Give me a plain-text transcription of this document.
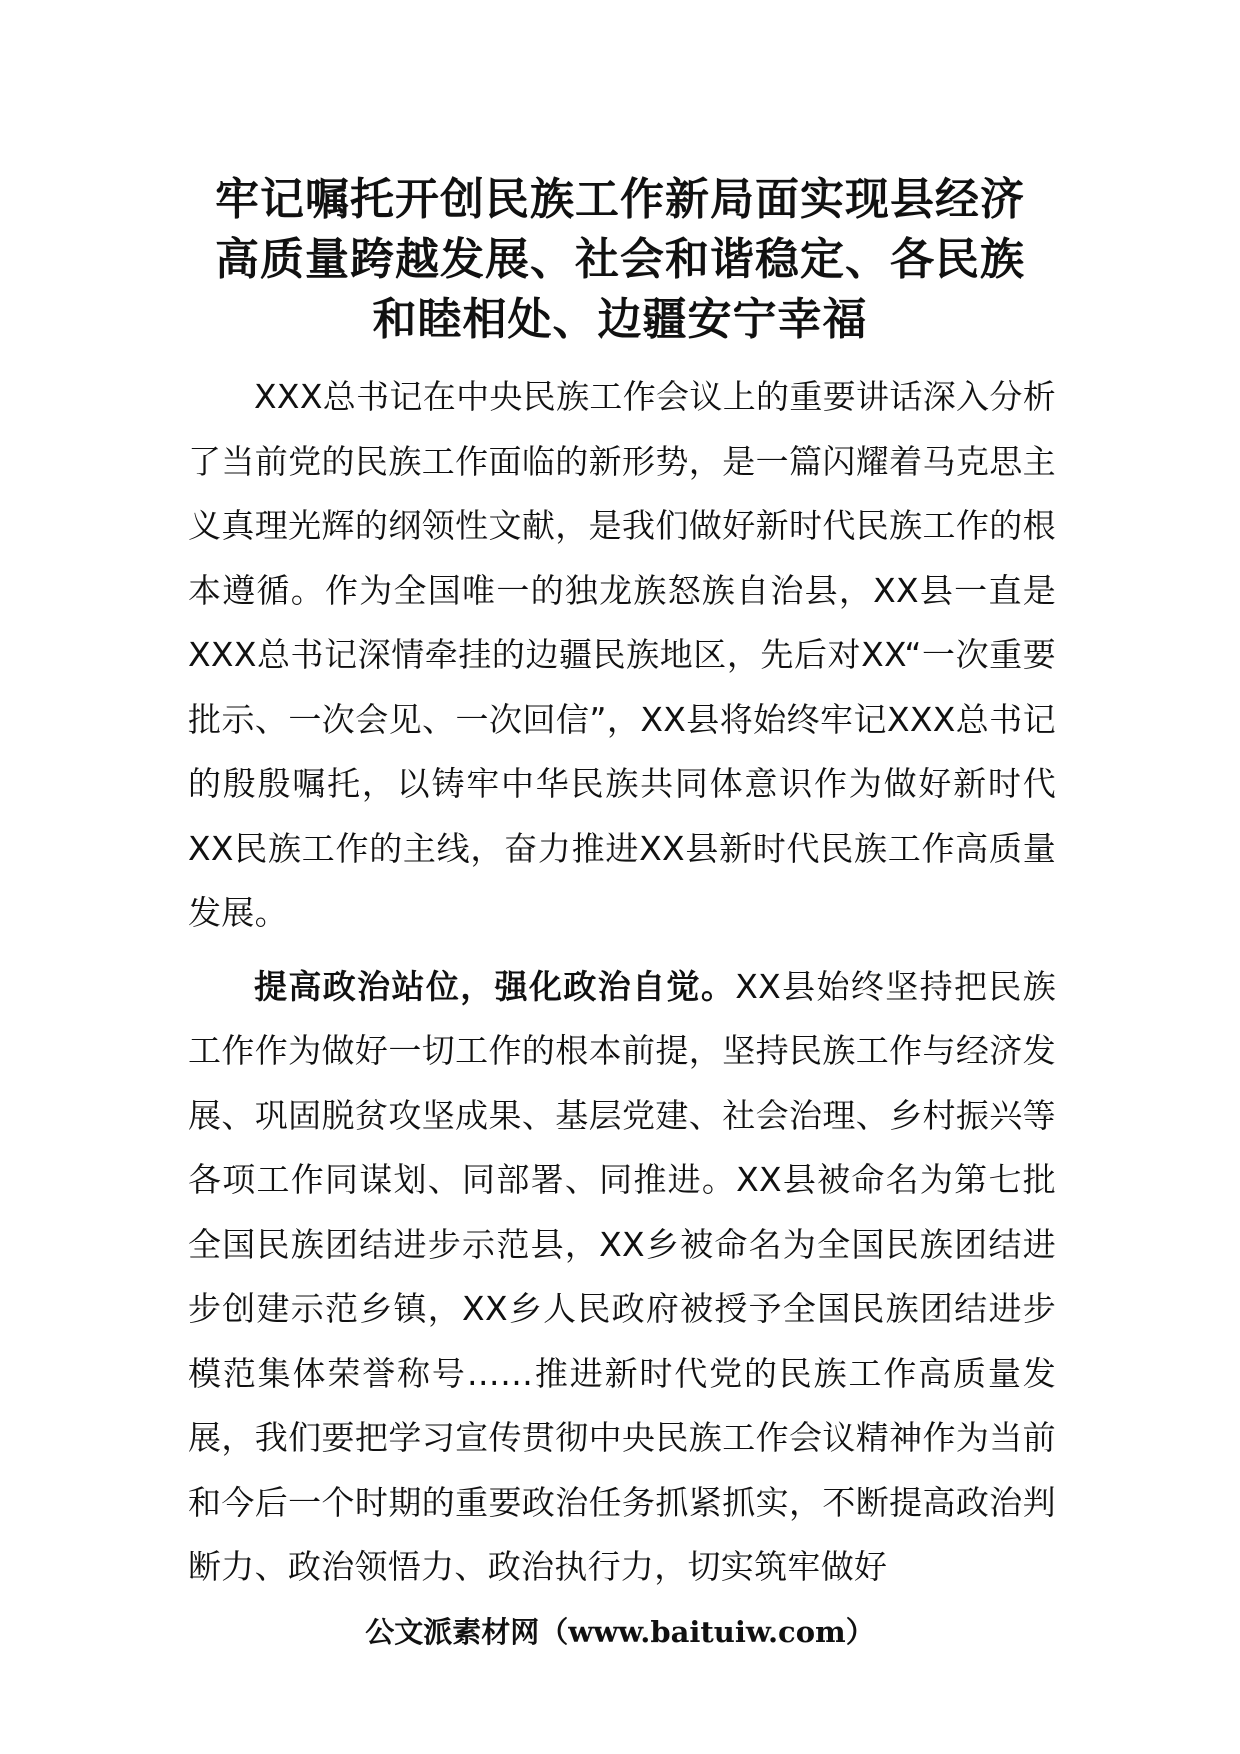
牢记嘱托开创民族工作新局面实现县经济
高质量跨越发展、社会和谐稳定、各民族
和睦相处、边疆安宁幸福

XXX总书记在中央民族工作会议上的重要讲话深入分析了当前党的民族工作面临的新形势，是一篇闪耀着马克思主义真理光辉的纲领性文献，是我们做好新时代民族工作的根本遵循。作为全国唯一的独龙族怒族自治县，XX县一直是XXX总书记深情牵挂的边疆民族地区，先后对XX“一次重要批示、一次会见、一次回信”，XX县将始终牢记XXX总书记的殷殷嘱托，以铸牢中华民族共同体意识作为做好新时代XX民族工作的主线，奋力推进XX县新时代民族工作高质量发展。

提高政治站位，强化政治自觉。XX县始终坚持把民族工作作为做好一切工作的根本前提，坚持民族工作与经济发展、巩固脱贫攻坚成果、基层党建、社会治理、乡村振兴等各项工作同谋划、同部署、同推进。XX县被命名为第七批全国民族团结进步示范县，XX乡被命名为全国民族团结进步创建示范乡镇，XX乡人民政府被授予全国民族团结进步模范集体荣誉称号……推进新时代党的民族工作高质量发展，我们要把学习宣传贯彻中央民族工作会议精神作为当前和今后一个时期的重要政治任务抓紧抓实，不断提高政治判断力、政治领悟力、政治执行力，切实筑牢做好

公文派素材网（www.baituiw.com）
